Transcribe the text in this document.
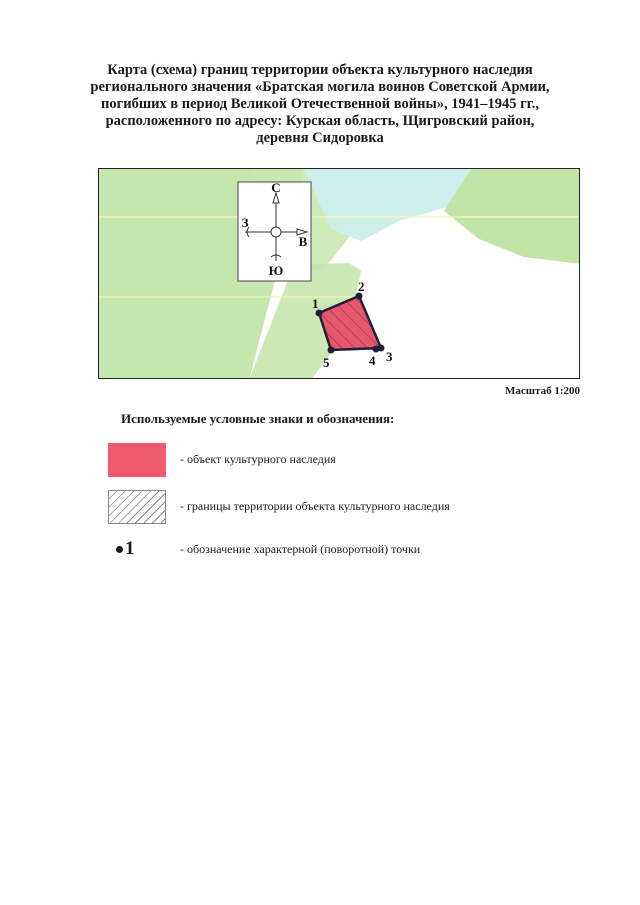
Карта (схема) границ территории объекта культурного наследия
регионального значения «Братская могила воинов Советской Армии,
погибших в период Великой Отечественной войны», 1941–1945 гг.,
расположенного по адресу: Курская область, Щигровский район,
деревня Сидоровка
С
З
В
Ю
1
2
3
4
5
Масштаб 1:200
Используемые условные знаки и обозначения:
- объект культурного наследия
- границы территории объекта культурного наследия
1	- обозначение характерной (поворотной) точки
